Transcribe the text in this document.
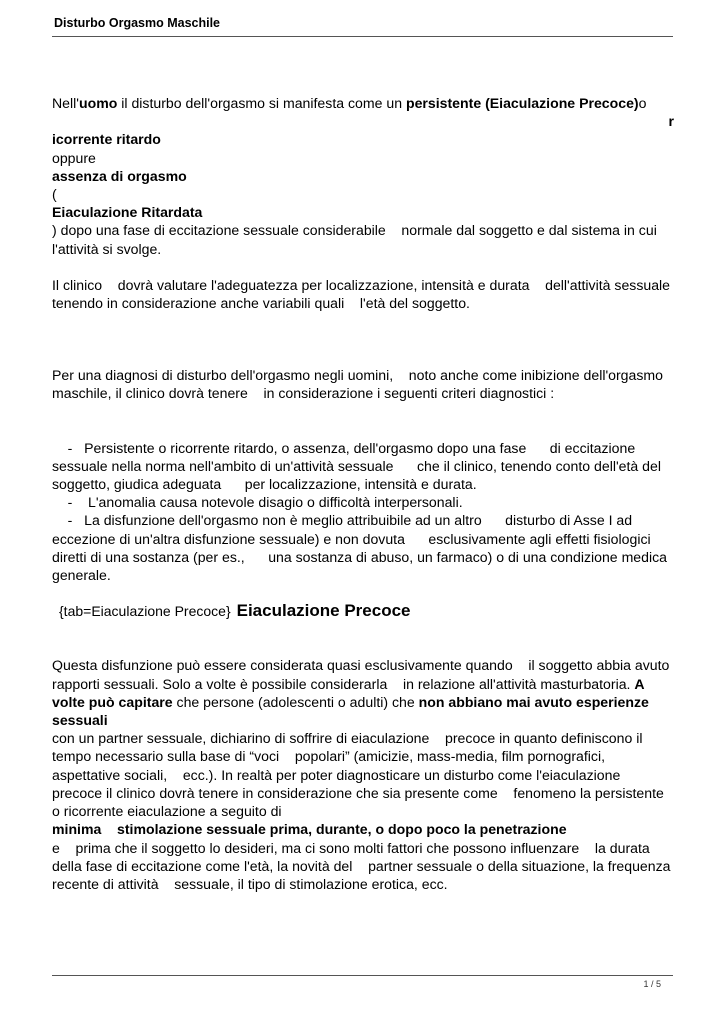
Disturbo Orgasmo Maschile

Nell'uomo il disturbo dell'orgasmo si manifesta come un persistente (Eiaculazione Precoce)o

r

icorrente ritardo

oppure

assenza di orgasmo

(

Eiaculazione Ritardata

) dopo una fase di eccitazione sessuale considerabile    normale dal soggetto e dal sistema in cui l'attività si svolge.

Il clinico    dovrà valutare l'adeguatezza per localizzazione, intensità e durata    dell'attività sessuale tenendo in considerazione anche variabili quali    l'età del soggetto.

Per una diagnosi di disturbo dell'orgasmo negli uomini,    noto anche come inibizione dell'orgasmo maschile, il clinico dovrà tenere    in considerazione i seguenti criteri diagnostici :

-   Persistente o ricorrente ritardo, o assenza, dell'orgasmo dopo una fase      di eccitazione sessuale nella norma nell'ambito di un'attività sessuale      che il clinico, tenendo conto dell'età del soggetto, giudica adeguata      per localizzazione, intensità e durata.

-    L'anomalia causa notevole disagio o difficoltà interpersonali.

-   La disfunzione dell'orgasmo non è meglio attribuibile ad un altro      disturbo di Asse I ad eccezione di un'altra disfunzione sessuale) e non dovuta      esclusivamente agli effetti fisiologici diretti di una sostanza (per es.,      una sostanza di abuso, un farmaco) o di una condizione medica generale.

{tab=Eiaculazione Precoce} Eiaculazione Precoce

Questa disfunzione può essere considerata quasi esclusivamente quando    il soggetto abbia avuto rapporti sessuali. Solo a volte è possibile considerarla    in relazione all'attività masturbatoria. A volte può capitare che persone (adolescenti o adulti) che non abbiano mai avuto esperienze    sessuali

con un partner sessuale, dichiarino di soffrire di eiaculazione    precoce in quanto definiscono il tempo necessario sulla base di “voci    popolari” (amicizie, mass-media, film pornografici, aspettative sociali,    ecc.). In realtà per poter diagnosticare un disturbo come l'eiaculazione precoce il clinico dovrà tenere in considerazione che sia presente come    fenomeno la persistente o ricorrente eiaculazione a seguito di

minima    stimolazione sessuale prima, durante, o dopo poco la penetrazione

e    prima che il soggetto lo desideri, ma ci sono molti fattori che possono influenzare    la durata della fase di eccitazione come l'età, la novità del    partner sessuale o della situazione, la frequenza recente di attività    sessuale, il tipo di stimolazione erotica, ecc.

1 / 5
